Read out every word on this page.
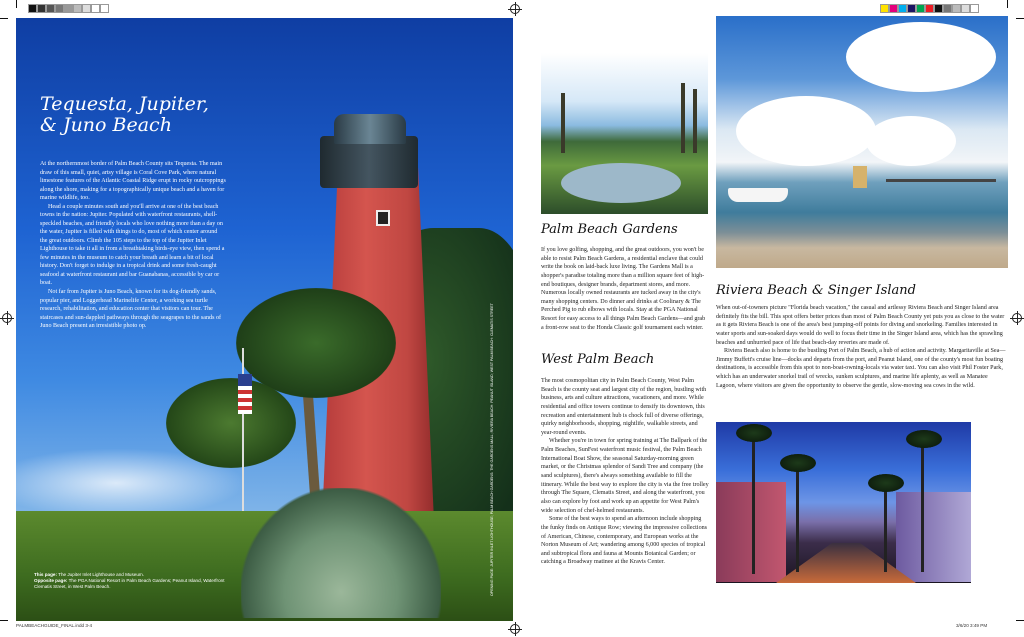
Tequesta, Jupiter,
& Juno Beach

At the northernmost border of Palm Beach County sits Tequesta. The main draw of this small, quiet, artsy village is Coral Cove Park, where natural limestone features of the Atlantic Coastal Ridge erupt in rocky outcroppings along the shore, making for a topographically unique beach and a haven for marine wildlife, too.

Head a couple minutes south and you'll arrive at one of the best beach towns in the nation: Jupiter. Populated with waterfront restaurants, shell-speckled beaches, and friendly locals who love nothing more than a day on the water, Jupiter is filled with things to do, most of which center around the great outdoors. Climb the 105 steps to the top of the Jupiter Inlet Lighthouse to take it all in from a breathtaking birds-eye view, then spend a few minutes in the museum to catch your breath and learn a bit of local history. Don't forget to indulge in a tropical drink and some fresh-caught seafood at waterfront restaurant and bar Guanabanas, accessible by car or boat.

Not far from Jupiter is Juno Beach, known for its dog-friendly sands, popular pier, and Loggerhead Marinelife Center, a working sea turtle research, rehabilitation, and education center that visitors can tour. The staircases and sun-dappled pathways through the seagrapes to the sands of Juno Beach present an irresistible photo op.

This page: The Jupiter Inlet Lighthouse and Museum.
Opposite page: The PGA National Resort in Palm Beach Gardens; Peanut Island, Waterfront Clematis Street, in West Palm Beach.	OPENING PAGE: JUPITER INLET LIGHTHOUSE; PALM BEACH GARDENS: THE GARDENS MALL; RIVIERA BEACH: PEANUT ISLAND; WEST PALM BEACH: CLEMATIS STREET
Palm Beach Gardens

If you love golfing, shopping, and the great outdoors, you won't be able to resist Palm Beach Gardens, a residential enclave that could write the book on laid-back luxe living. The Gardens Mall is a shopper's paradise totaling more than a million square feet of high-end boutiques, designer brands, department stores, and more. Numerous locally owned restaurants are tucked away in the city's many shopping centers. Do dinner and drinks at Coolinary & The Perched Pig to rub elbows with locals. Stay at the PGA National Resort for easy access to all things Palm Beach Gardens—and grab a front-row seat to the Honda Classic golf tournament each winter.

West Palm Beach

The most cosmopolitan city in Palm Beach County, West Palm Beach is the county seat and largest city of the region, bustling with business, arts and culture attractions, vacationers, and more. While residential and office towers continue to densify its downtown, this recreation and entertainment hub is chock full of diverse offerings, quirky neighborhoods, shopping, nightlife, walkable streets, and year-round events.

Whether you're in town for spring training at The Ballpark of the Palm Beaches, SunFest waterfront music festival, the Palm Beach International Boat Show, the seasonal Saturday-morning green market, or the Christmas splendor of Sandi Tree and company (the sand sculptures), there's always something available to fill the itinerary. While the best way to explore the city is via the free trolley through The Square, Clematis Street, and along the waterfront, you also can explore by foot and work up an appetite for West Palm's wide selection of chef-helmed restaurants.

Some of the best ways to spend an afternoon include shopping the funky finds on Antique Row; viewing the impressive collections of American, Chinese, contemporary, and European works at the Norton Museum of Art; wandering among 6,000 species of tropical and subtropical flora and fauna at Mounts Botanical Garden; or catching a Broadway matinee at the Kravis Center.

Riviera Beach & Singer Island

When out-of-towners picture "Florida beach vacation," the casual and artlessy Riviera Beach and Singer Island area definitely fits the bill. This spot offers better prices than most of Palm Beach County yet puts you as close to the water as it gets Riviera Beach is one of the area's best jumping-off points for diving and snorkeling. Families interested in water sports and sun-soaked days would do well to focus their time in the Singer Island area, which has the sprawling beaches and unhurried pace of life that beach-day reveries are made of.

Riviera Beach also is home to the bustling Port of Palm Beach, a hub of action and activity. Margaritaville at Sea—Jimmy Buffett's cruise line—docks and departs from the port, and Peanut Island, one of the county's most fun boating destinations, is accessible from this spot to non-boat-owning-locals via water taxi. You can also visit Phil Foster Park, which has an underwater snorkel trail of wrecks, sunken sculptures, and marine life aplenty, as well as Manatee Lagoon, where visitors are given the opportunity to observe the gentle, slow-moving sea cows in the wild.

PALMBEACHGUIDE_FINAL.indd 3-4	3/6/20 3:49 PM
